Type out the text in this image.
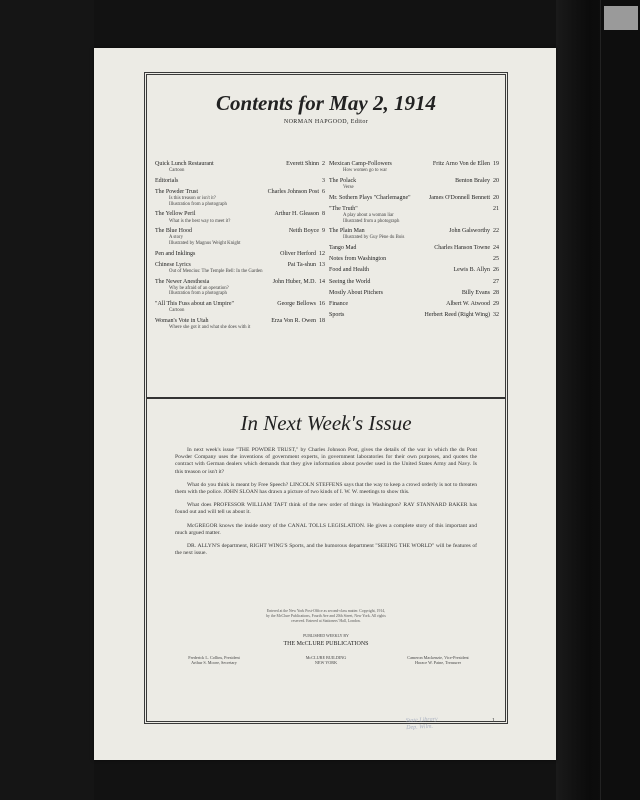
Contents for May 2, 1914
NORMAN HAPGOOD, Editor
Quick Lunch Restaurant	Everett Shinn 2
Cartoon
Editorials	3
The Powder Trust	Charles Johnson Post 6
Is this treason or isn't it?
Illustration from a photograph
The Yellow Peril	Arthur H. Gleason 8
What is the best way to meet it?
The Blue Hood	Neith Boyce 9
A story
Illustrated by Magnus Weight Knight
Pen and Inklings	Oliver Herford 12
Chinese Lyrics	Pai Ta-shun 13
Out of Mencius: The Temple Bell: In the Garden
The Newer Anesthesia	John Huber, M.D. 14
Why be afraid of an operation?
Illustration from a photograph
"All This Fuss about an Umpire"	George Bellows 16
Cartoon
Woman's Vote in Utah	Erza Von R. Owen 18
Where she got it and what she does with it
Mexican Camp-Followers	Fritz Arno Von de Ellen 19
How women go to war
The Polack	Benton Braley 20
Verse
Mr. Sothern Plays "Charlemagne"	James O'Donnell Bennett 20
"The Truth"	21
A play about a woman liar
Illustrated from a photograph
The Plain Man	John Galsworthy 22
Illustrated by Guy Pène du Bois
Tango Mad	Charles Hanson Towne 24
Notes from Washington	25
Food and Health	Lewis B. Allyn 26
Seeing the World	27
Mostly About Pitchers	Billy Evans 28
Finance	Albert W. Atwood 29
Sports	Herbert Reed (Right Wing) 32
In Next Week's Issue

In next week's issue "THE POWDER TRUST," by Charles Johnson Post, gives the details of the war in which the du Pont Powder Company uses the inventions of government experts, in government laboratories for their own purposes, and quotes the contract with German dealers which demands that they give information about powder used in the United States Army and Navy. Is this treason or isn't it?

What do you think is meant by Free Speech? LINCOLN STEFFENS says that the way to keep a crowd orderly is not to threaten them with the police. JOHN SLOAN has drawn a picture of two kinds of I. W. W. meetings to show this.

What does PROFESSOR WILLIAM TAFT think of the new order of things in Washington? RAY STANNARD BAKER has found out and will tell us about it.

McGREGOR knows the inside story of the CANAL TOLLS LEGISLATION. He gives a complete story of this important and much argued matter.

DR. ALLYN'S department, RIGHT WING'S Sports, and the humorous department "SEEING THE WORLD" will be features of the next issue.

Entered at the New York Post-Office as second-class matter. Copyright, 1914, by the McClure Publications, Fourth Ave and 20th Street, New York. All rights reserved. Entered at Stationers' Hall, London.
PUBLISHED WEEKLY BY
THE McCLURE PUBLICATIONS
Frederick L. Collins, President
Arthur S. Moore, Secretary
McCLURE BUILDING
NEW YORK
Cameron Mackenzie, Vice-President
Horace W. Paine, Treasurer
State Library
Dep. Wilm.
1
